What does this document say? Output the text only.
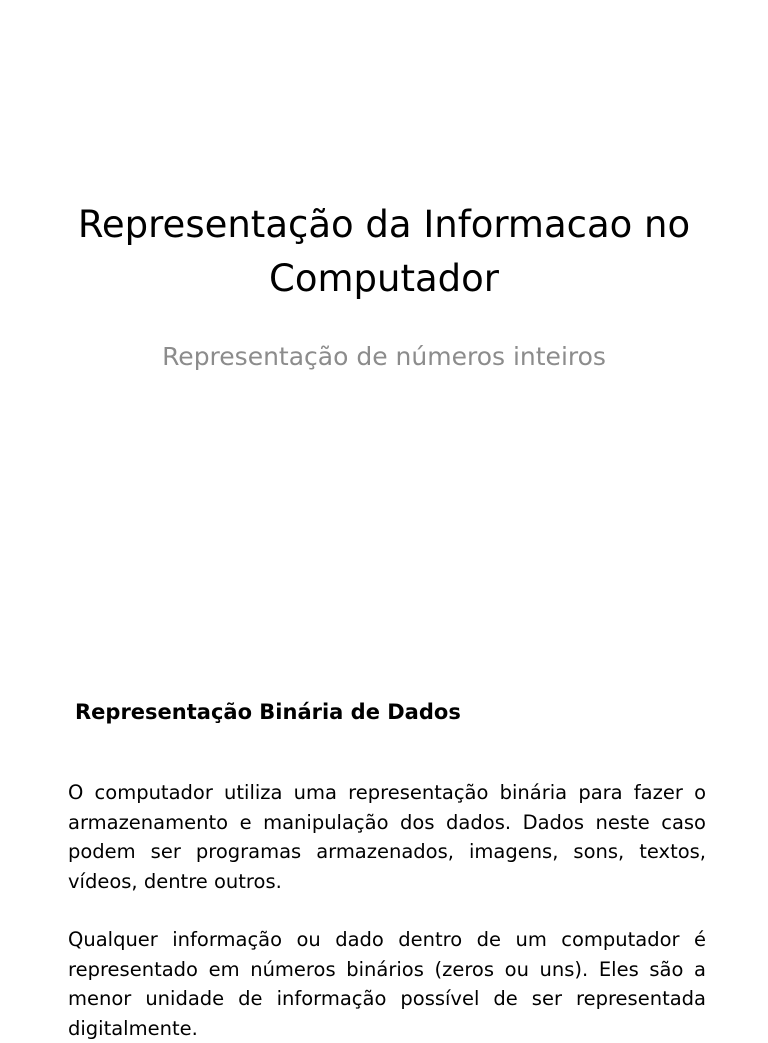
Representação da Informacao no Computador

Representação de números inteiros

Representação Binária de Dados

O computador utiliza uma representação binária para fazer o armazenamento e manipulação dos dados. Dados neste caso podem ser programas armazenados, imagens, sons, textos, vídeos, dentre outros.

Qualquer informação ou dado dentro de um computador é representado em números binários (zeros ou uns). Eles são a menor unidade de informação possível de ser representada digitalmente.
